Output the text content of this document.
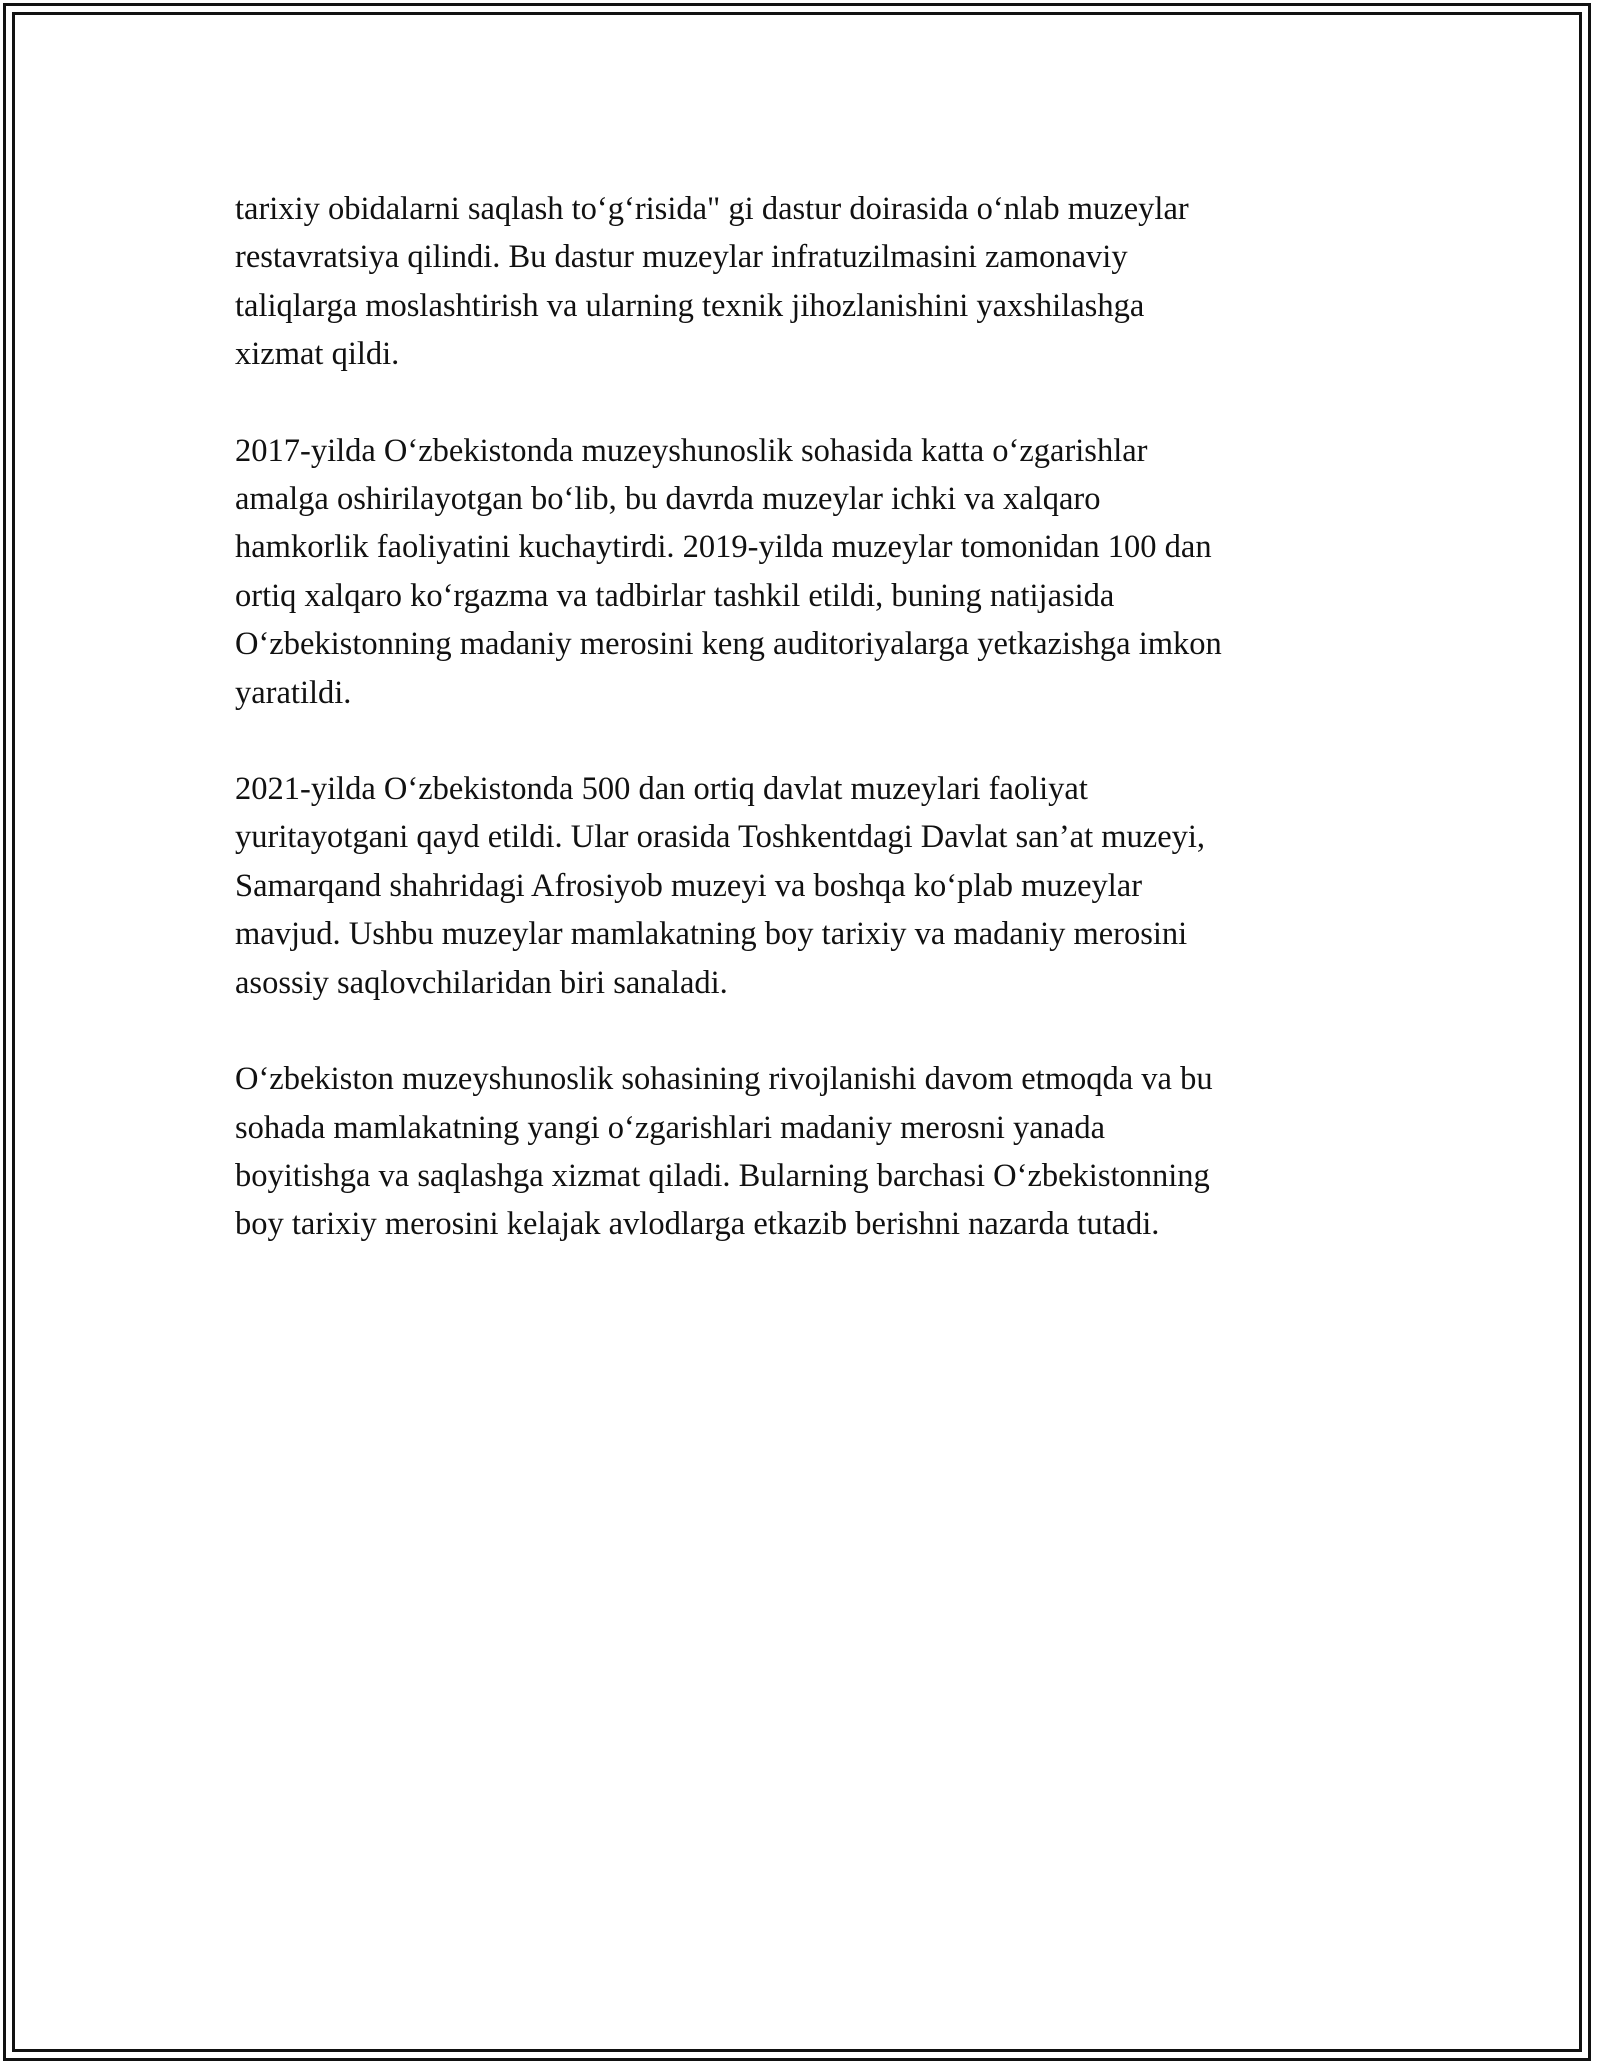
tarixiy obidalarni saqlash to‘g‘risida" gi dastur doirasida o‘nlab muzeylar
restavratsiya qilindi. Bu dastur muzeylar infratuzilmasini zamonaviy
taliqlarga moslashtirish va ularning texnik jihozlanishini yaxshilashga
xizmat qildi.

2017-yilda O‘zbekistonda muzeyshunoslik sohasida katta o‘zgarishlar
amalga oshirilayotgan bo‘lib, bu davrda muzeylar ichki va xalqaro
hamkorlik faoliyatini kuchaytirdi. 2019-yilda muzeylar tomonidan 100 dan
ortiq xalqaro ko‘rgazma va tadbirlar tashkil etildi, buning natijasida
O‘zbekistonning madaniy merosini keng auditoriyalarga yetkazishga imkon
yaratildi.

2021-yilda O‘zbekistonda 500 dan ortiq davlat muzeylari faoliyat
yuritayotgani qayd etildi. Ular orasida Toshkentdagi Davlat san’at muzeyi,
Samarqand shahridagi Afrosiyob muzeyi va boshqa ko‘plab muzeylar
mavjud. Ushbu muzeylar mamlakatning boy tarixiy va madaniy merosini
asossiy saqlovchilaridan biri sanaladi.

O‘zbekiston muzeyshunoslik sohasining rivojlanishi davom etmoqda va bu
sohada mamlakatning yangi o‘zgarishlari madaniy merosni yanada
boyitishga va saqlashga xizmat qiladi. Bularning barchasi O‘zbekistonning
boy tarixiy merosini kelajak avlodlarga etkazib berishni nazarda tutadi.
